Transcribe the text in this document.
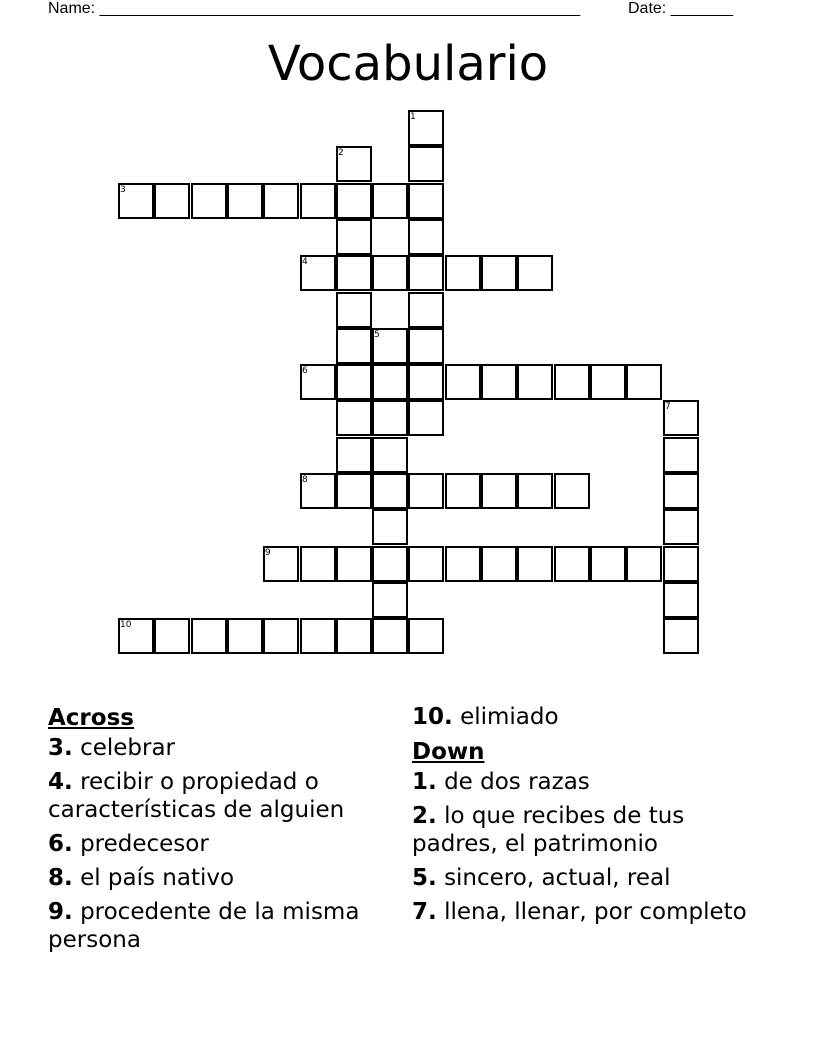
Name: ______________________________________________________	Date: _______
Vocabulario
1
2
3
4
5
6
7
8
9
10
Across
3. celebrar
4. recibir o propiedad o características de alguien
6. predecesor
8. el país nativo
9. procedente de la misma persona
10. elimiado
Down
1. de dos razas
2. lo que recibes de tus padres, el patrimonio
5. sincero, actual, real
7. llena, llenar, por completo
